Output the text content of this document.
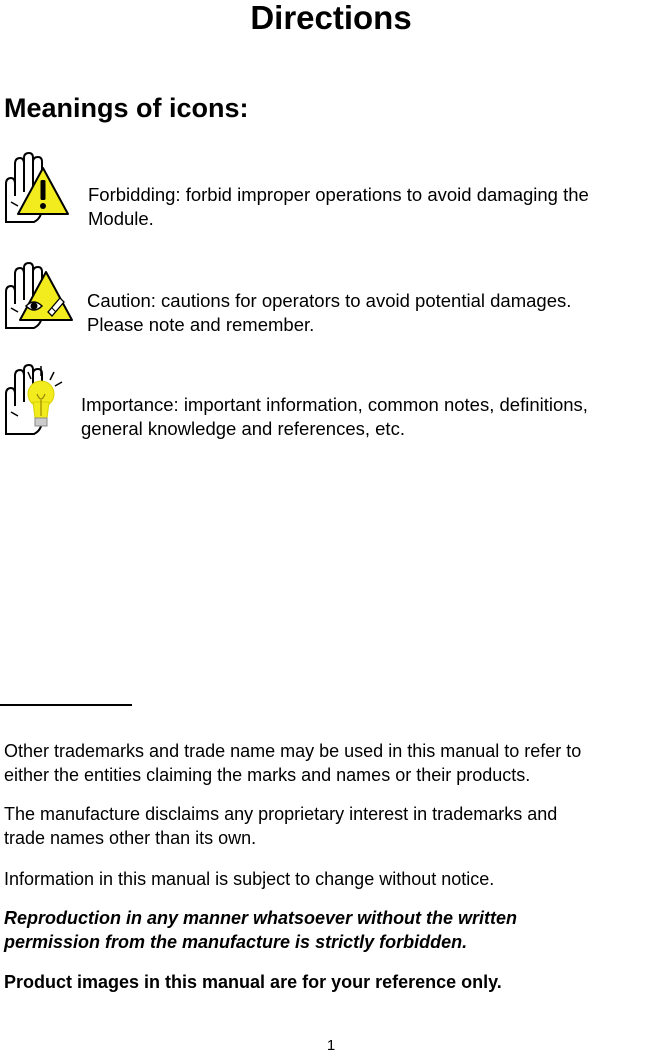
Directions
Meanings of icons:
Forbidding: forbid improper operations to avoid damaging the
Module.
Caution: cautions for operators to avoid potential damages.
Please note and remember.
Importance: important information, common notes, definitions,
general knowledge and references, etc.
Other trademarks and trade name may be used in this manual to refer to
either the entities claiming the marks and names or their products.
The manufacture disclaims any proprietary interest in trademarks and
trade names other than its own.
Information in this manual is subject to change without notice.
Reproduction in any manner whatsoever without the written
permission from the manufacture is strictly forbidden.
Product images in this manual are for your reference only.
1
